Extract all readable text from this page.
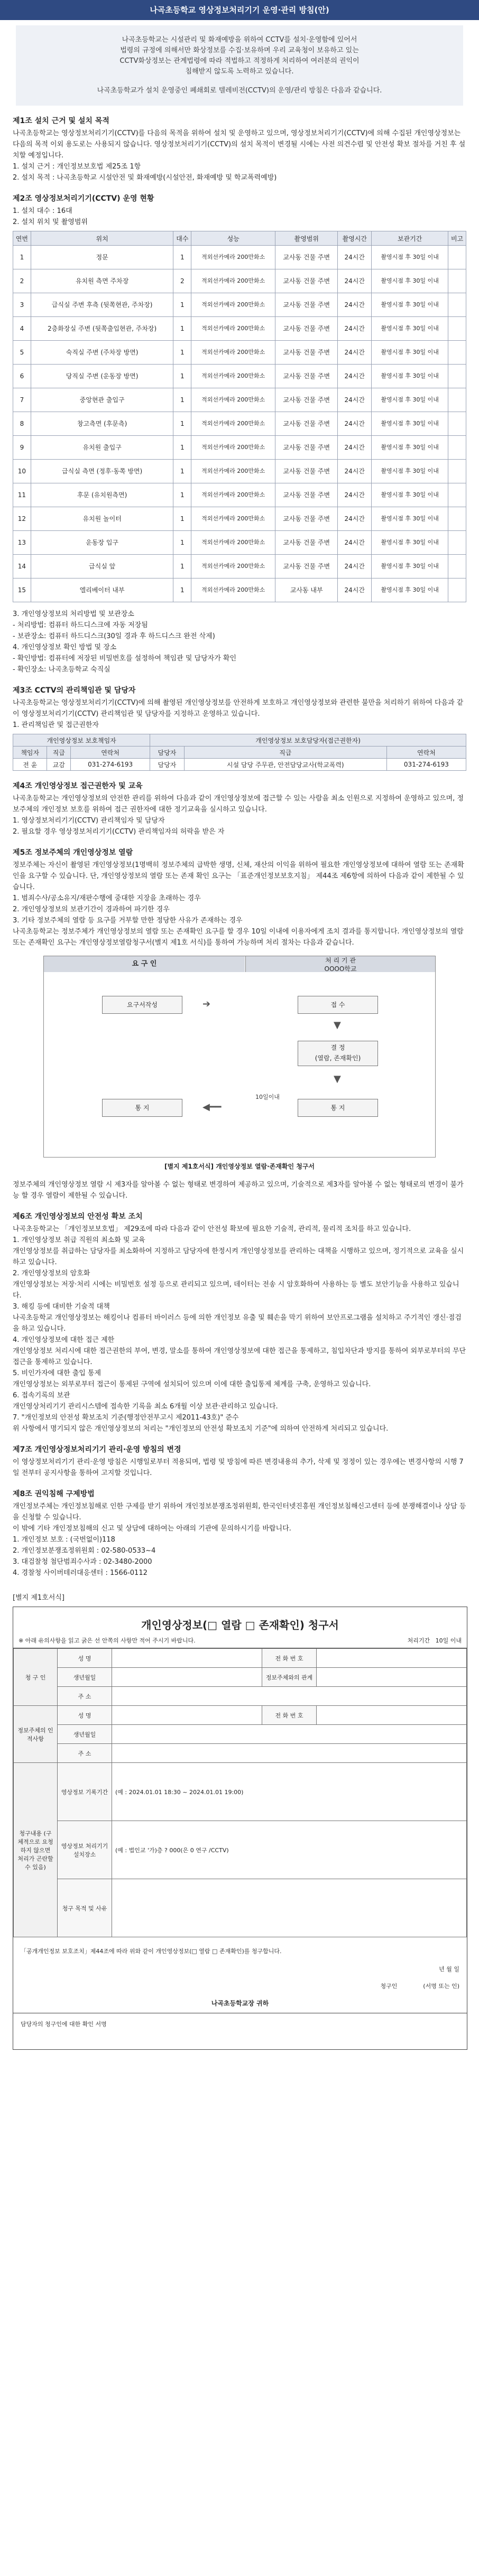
나곡초등학교 영상정보처리기기 운영·관리 방침(안)

나곡초등학교는 시설관리 및 화재예방을 위하여 CCTV를 설치·운영함에 있어서

법령의 규정에 의해서만 화상정보를 수집·보유하며 우리 교육청이 보유하고 있는

CCTV화상정보는 관계법령에 따라 적법하고 적정하게 처리하여 여러분의 권익이

침해받지 않도록 노력하고 있습니다.

나곡초등학교가 설치 운영중인 폐쇄회로 텔레비전(CCTV)의 운영/관리 방침은 다음과 같습니다.

제1조 설치 근거 및 설치 목적

나곡초등학교는 영상정보처리기기(CCTV)를 다음의 목적을 위하여 설치 및 운영하고 있으며, 영상정보처리기기(CCTV)에 의해 수집된 개인영상정보는 다음의 목적 이외 용도로는 사용되지 않습니다. 영상정보처리기기(CCTV)의 설치 목적이 변경될 시에는 사전 의견수렴 및 안전성 확보 절차를 거친 후 설치할 예정입니다.

1. 설치 근거 : 개인정보보호법 제25조 1항

2. 설치 목적 : 나곡초등학교 시설안전 및 화재예방(시설안전, 화재예방 및 학교폭력예방)

제2조 영상정보처리기기(CCTV) 운영 현황

1. 설치 대수 : 16대

2. 설치 위치 및 촬영범위

연번	위치	대수	성능	촬영범위	촬영시간	보관기간	비고
1	정문	1	적외선카메라 200만화소	교사동 건물 주변	24시간	촬영시점 후 30일 이내	
2	유치원 측면 주차장	2	적외선카메라 200만화소	교사동 건물 주변	24시간	촬영시점 후 30일 이내	
3	급식실 주변 후측 (뒷쪽현관, 주차장)	1	적외선카메라 200만화소	교사동 건물 주변	24시간	촬영시점 후 30일 이내	
4	2층화장실 주변 (뒷쪽출입현관, 주차장)	1	적외선카메라 200만화소	교사동 건물 주변	24시간	촬영시점 후 30일 이내	
5	숙직실 주변 (주차장 방면)	1	적외선카메라 200만화소	교사동 건물 주변	24시간	촬영시점 후 30일 이내	
6	당직실 주변 (운동장 방면)	1	적외선카메라 200만화소	교사동 건물 주변	24시간	촬영시점 후 30일 이내	
7	중앙현관 출입구	1	적외선카메라 200만화소	교사동 건물 주변	24시간	촬영시점 후 30일 이내	
8	창고측면 (후문측)	1	적외선카메라 200만화소	교사동 건물 주변	24시간	촬영시점 후 30일 이내	
9	유치원 출입구	1	적외선카메라 200만화소	교사동 건물 주변	24시간	촬영시점 후 30일 이내	
10	급식실 측면 (정후·동쪽 방면)	1	적외선카메라 200만화소	교사동 건물 주변	24시간	촬영시점 후 30일 이내	
11	후문 (유치원측면)	1	적외선카메라 200만화소	교사동 건물 주변	24시간	촬영시점 후 30일 이내	
12	유치원 놀이터	1	적외선카메라 200만화소	교사동 건물 주변	24시간	촬영시점 후 30일 이내	
13	운동장 입구	1	적외선카메라 200만화소	교사동 건물 주변	24시간	촬영시점 후 30일 이내	
14	급식실 앞	1	적외선카메라 200만화소	교사동 건물 주변	24시간	촬영시점 후 30일 이내	
15	엘리베이터 내부	1	적외선카메라 200만화소	교사동 내부	24시간	촬영시점 후 30일 이내	

3. 개인영상정보의 처리방법 및 보관장소

- 처리방법: 컴퓨터 하드디스크에 자동 저장됨

- 보관장소: 컴퓨터 하드디스크(30일 경과 후 하드디스크 완전 삭제)

4. 개인영상정보 확인 방법 및 장소

- 확인방법: 컴퓨터에 저장된 비밀번호를 설정하여 책임관 및 담당자가 확인

- 확인장소: 나곡초등학교 숙직실

제3조 CCTV의 관리책임관 및 담당자

나곡초등학교는 영상정보처리기기(CCTV)에 의해 촬영된 개인영상정보를 안전하게 보호하고 개인영상정보와 관련한 불만을 처리하기 위하여 다음과 같이 영상정보처리기기(CCTV) 관리책임관 및 담당자를 지정하고 운영하고 있습니다.

1. 관리책임관 및 접근권한자

개인영상정보 보호책임자			개인영상정보 보호담당자(접근권한자)		
책임자	직급	연락처	담당자	직급	연락처
전 윤	교감	031-274-6193	담당자	시설 담당 주무관, 안전담당교사(학교폭력)	031-274-6193
제4조 개인영상정보 접근권한자 및 교육

나곡초등학교는 개인영상정보의 안전한 관리를 위하여 다음과 같이 개인영상정보에 접근할 수 있는 사람을 최소 인원으로 지정하여 운영하고 있으며, 정보주체의 개인정보 보호를 위하여 접근 권한자에 대한 정기교육을 실시하고 있습니다.

1. 영상정보처리기기(CCTV) 관리책임자 및 담당자

2. 필요할 경우 영상정보처리기기(CCTV) 관리책임자의 허락을 받은 자

제5조 정보주체의 개인영상정보 열람

정보주체는 자신이 촬영된 개인영상정보(1명백히 정보주체의 급박한 생명, 신체, 재산의 이익을 위하여 필요한 개인영상정보에 대하여 열람 또는 존재확인을 요구할 수 있습니다. 단, 개인영상정보의 열람 또는 존재 확인 요구는 「표준개인정보보호지침」 제44조 제6항에 의하여 다음과 같이 제한될 수 있습니다.

1. 범죄수사/공소유지/재판수행에 중대한 지장을 초래하는 경우

2. 개인영상정보의 보관기간이 경과하여 파기한 경우

3. 기타 정보주체의 열람 등 요구를 거부할 만한 정당한 사유가 존재하는 경우

나곡초등학교는 정보주체가 개인영상정보의 열람 또는 존재확인 요구를 할 경우 10일 이내에 이용자에게 조치 결과를 통지합니다. 개인영상정보의 열람 또는 존재확인 요구는 개인영상정보열람청구서(별지 제1호 서식)를 통하여 가능하며 처리 절차는 다음과 같습니다.

요 구 인	처 리 기 관
OOOO학교
요구서작성	➔	접 수
▼
결 정
(열람, 존재확인)
▼
통 지
◀━━
10일이내
통 지
[별지 제1호서식] 개인영상정보 열람·존재확인 청구서

정보주체의 개인영상정보 열람 시 제3자를 알아볼 수 없는 형태로 변경하여 제공하고 있으며, 기술적으로 제3자를 알아볼 수 없는 형태로의 변경이 불가능 할 경우 열람이 제한될 수 있습니다.

제6조 개인영상정보의 안전성 확보 조치

나곡초등학교는 「개인정보보호법」 제29조에 따라 다음과 같이 안전성 확보에 필요한 기술적, 관리적, 물리적 조치를 하고 있습니다.

1. 개인영상정보 취급 직원의 최소화 및 교육

개인영상정보를 취급하는 담당자를 최소화하여 지정하고 담당자에 한정시켜 개인영상정보를 관리하는 대책을 시행하고 있으며, 정기적으로 교육을 실시하고 있습니다.

2. 개인영상정보의 암호화

개인영상정보는 저장·처리 시에는 비밀번호 설정 등으로 관리되고 있으며, 데이터는 전송 시 암호화하여 사용하는 등 별도 보안기능을 사용하고 있습니다.

3. 해킹 등에 대비한 기술적 대책

나곡초등학교 개인영상정보는 해킹이나 컴퓨터 바이러스 등에 의한 개인정보 유출 및 훼손을 막기 위하여 보안프로그램을 설치하고 주기적인 갱신·점검을 하고 있습니다.

4. 개인영상정보에 대한 접근 제한

개인영상정보 처리시에 대한 접근권한의 부여, 변경, 말소를 통하여 개인영상정보에 대한 접근을 통제하고, 침입차단과 방지를 통하여 외부로부터의 무단 접근을 통제하고 있습니다.

5. 비인가자에 대한 출입 통제

개인영상정보는 외부로부터 접근이 통제된 구역에 설치되어 있으며 이에 대한 출입통제 체계를 구축, 운영하고 있습니다.

6. 접속기록의 보관

개인영상처리기기 관리시스템에 접속한 기록을 최소 6개월 이상 보관·관리하고 있습니다.

7. "개인정보의 안전성 확보조치 기준(행정안전부고시 제2011-43호)" 준수

위 사항에서 명기되지 않은 개인영상정보의 처리는 "개인정보의 안전성 확보조치 기준"에 의하여 안전하게 처리되고 있습니다.

제7조 개인영상정보처리기기 관리·운영 방침의 변경

이 영상정보처리기기 관리·운영 방침은 시행일로부터 적용되며, 법령 및 방침에 따른 변경내용의 추가, 삭제 및 정정이 있는 경우에는 변경사항의 시행 7일 전부터 공지사항을 통하여 고지할 것입니다.

제8조 권익침해 구제방법

개인정보주체는 개인정보침해로 인한 구제를 받기 위하여 개인정보분쟁조정위원회, 한국인터넷진흥원 개인정보침해신고센터 등에 분쟁해결이나 상담 등을 신청할 수 있습니다.

이 밖에 기타 개인정보침해의 신고 및 상담에 대하여는 아래의 기관에 문의하시기를 바랍니다.

1. 개인정보 보호 : (국번없이)118

2. 개인정보분쟁조정위원회 : 02-580-0533~4

3. 대검찰청 첨단범죄수사과 : 02-3480-2000

4. 경찰청 사이버테러대응센터 : 1566-0112

[별지 제1호서식]

개인영상정보(□ 열람 □ 존재확인) 청구서
※ 아래 유의사항을 읽고 굵은 선 안쪽의 사항만 적어 주시기 바랍니다.	처리기간 10일 이내
청 구 인	성 명		전 화 번 호	
	생년월일		정보주체와의 관계	
	주 소			
정보주체의 인적사항	성 명		전 화 번 호	
	생년월일			
	주 소			
청구내용 (구체적으로 요청하지 않으면 처리가 곤란할 수 있음)	영상정보 기록기간	(예 : 2024.01.01 18:30 ~ 2024.01.01 19:00)		
	영상정보 처리기기 설치장소	(예 : 법인교 '가)층 ? 000(은 0 연구 /CCTV)		
	청구 목적 및 사유			
「공개개인정보 보호조치」제44조에 따라 위와 같이 개인영상정보(□ 열람 □ 존재확인)를 청구합니다.
년 월 일
청구인	(서명 또는 인)
나곡초등학교장 귀하
담당자의 청구인에 대한 확인 서명
